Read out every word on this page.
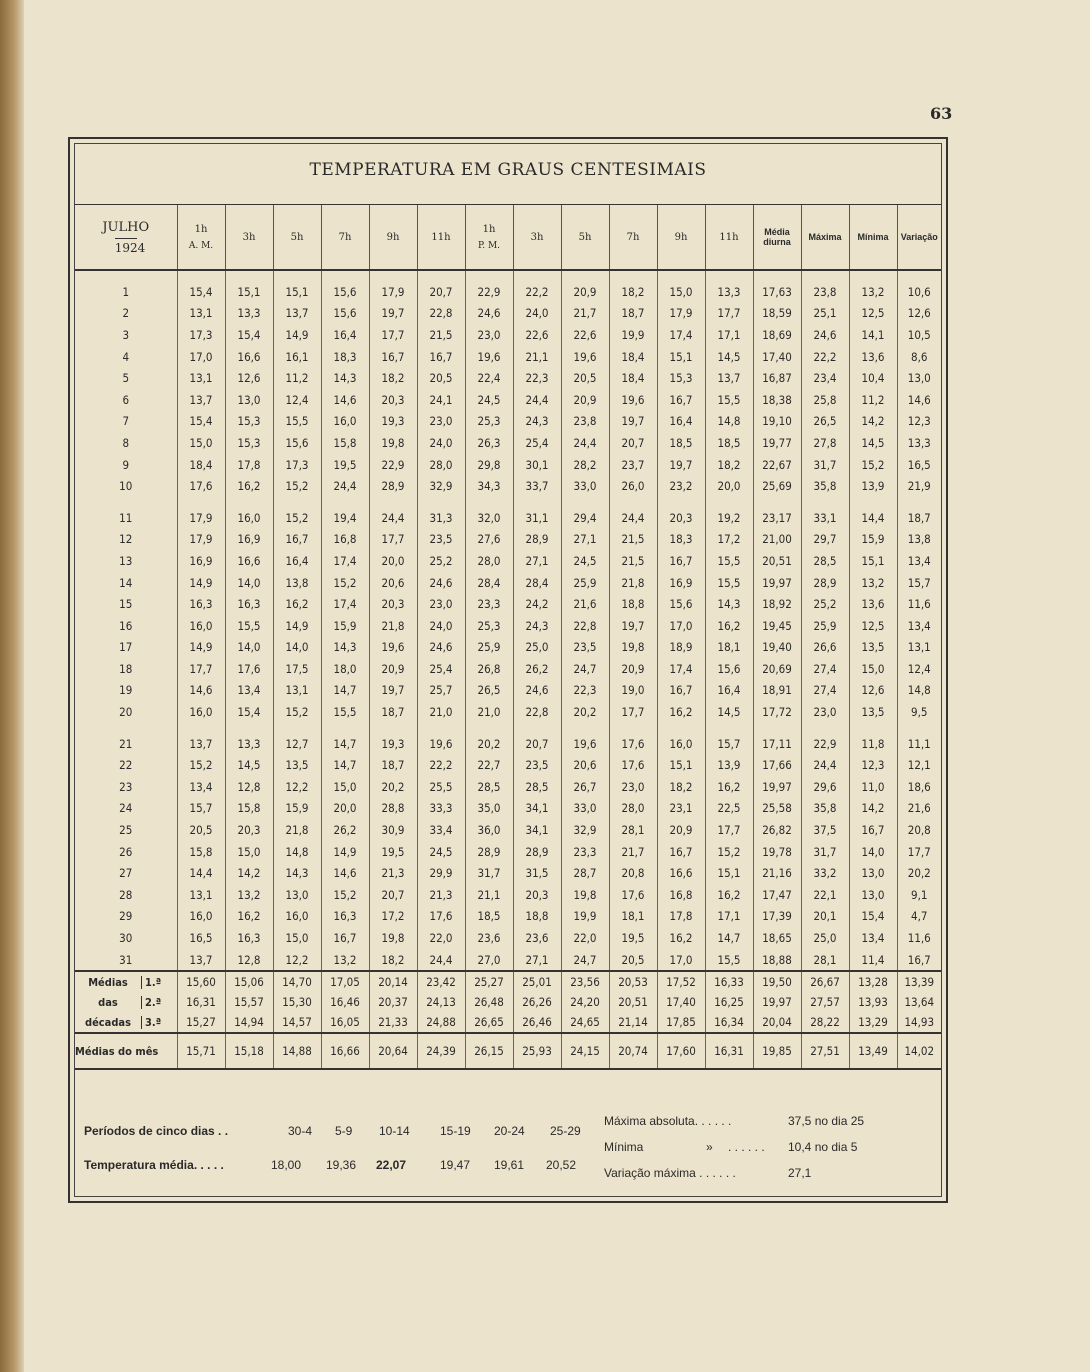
63
TEMPERATURA EM GRAUS CENTESIMAIS
JULHO
1924	1h
A. M.	3h	5h	7h	9h	11h	1h
P. M.	3h	5h	7h	9h	11h	Média diurna	Máxima	Mínima	Variação

1	15,4	15,1	15,1	15,6	17,9	20,7	22,9	22,2	20,9	18,2	15,0	13,3	17,63	23,8	13,2	10,6
2	13,1	13,3	13,7	15,6	19,7	22,8	24,6	24,0	21,7	18,7	17,9	17,7	18,59	25,1	12,5	12,6
3	17,3	15,4	14,9	16,4	17,7	21,5	23,0	22,6	22,6	19,9	17,4	17,1	18,69	24,6	14,1	10,5
4	17,0	16,6	16,1	18,3	16,7	16,7	19,6	21,1	19,6	18,4	15,1	14,5	17,40	22,2	13,6	8,6
5	13,1	12,6	11,2	14,3	18,2	20,5	22,4	22,3	20,5	18,4	15,3	13,7	16,87	23,4	10,4	13,0
6	13,7	13,0	12,4	14,6	20,3	24,1	24,5	24,4	20,9	19,6	16,7	15,5	18,38	25,8	11,2	14,6
7	15,4	15,3	15,5	16,0	19,3	23,0	25,3	24,3	23,8	19,7	16,4	14,8	19,10	26,5	14,2	12,3
8	15,0	15,3	15,6	15,8	19,8	24,0	26,3	25,4	24,4	20,7	18,5	18,5	19,77	27,8	14,5	13,3
9	18,4	17,8	17,3	19,5	22,9	28,0	29,8	30,1	28,2	23,7	19,7	18,2	22,67	31,7	15,2	16,5
10	17,6	16,2	15,2	24,4	28,9	32,9	34,3	33,7	33,0	26,0	23,2	20,0	25,69	35,8	13,9	21,9

11	17,9	16,0	15,2	19,4	24,4	31,3	32,0	31,1	29,4	24,4	20,3	19,2	23,17	33,1	14,4	18,7
12	17,9	16,9	16,7	16,8	17,7	23,5	27,6	28,9	27,1	21,5	18,3	17,2	21,00	29,7	15,9	13,8
13	16,9	16,6	16,4	17,4	20,0	25,2	28,0	27,1	24,5	21,5	16,7	15,5	20,51	28,5	15,1	13,4
14	14,9	14,0	13,8	15,2	20,6	24,6	28,4	28,4	25,9	21,8	16,9	15,5	19,97	28,9	13,2	15,7
15	16,3	16,3	16,2	17,4	20,3	23,0	23,3	24,2	21,6	18,8	15,6	14,3	18,92	25,2	13,6	11,6
16	16,0	15,5	14,9	15,9	21,8	24,0	25,3	24,3	22,8	19,7	17,0	16,2	19,45	25,9	12,5	13,4
17	14,9	14,0	14,0	14,3	19,6	24,6	25,9	25,0	23,5	19,8	18,9	18,1	19,40	26,6	13,5	13,1
18	17,7	17,6	17,5	18,0	20,9	25,4	26,8	26,2	24,7	20,9	17,4	15,6	20,69	27,4	15,0	12,4
19	14,6	13,4	13,1	14,7	19,7	25,7	26,5	24,6	22,3	19,0	16,7	16,4	18,91	27,4	12,6	14,8
20	16,0	15,4	15,2	15,5	18,7	21,0	21,0	22,8	20,2	17,7	16,2	14,5	17,72	23,0	13,5	9,5

21	13,7	13,3	12,7	14,7	19,3	19,6	20,2	20,7	19,6	17,6	16,0	15,7	17,11	22,9	11,8	11,1
22	15,2	14,5	13,5	14,7	18,7	22,2	22,7	23,5	20,6	17,6	15,1	13,9	17,66	24,4	12,3	12,1
23	13,4	12,8	12,2	15,0	20,2	25,5	28,5	28,5	26,7	23,0	18,2	16,2	19,97	29,6	11,0	18,6
24	15,7	15,8	15,9	20,0	28,8	33,3	35,0	34,1	33,0	28,0	23,1	22,5	25,58	35,8	14,2	21,6
25	20,5	20,3	21,8	26,2	30,9	33,4	36,0	34,1	32,9	28,1	20,9	17,7	26,82	37,5	16,7	20,8
26	15,8	15,0	14,8	14,9	19,5	24,5	28,9	28,9	23,3	21,7	16,7	15,2	19,78	31,7	14,0	17,7
27	14,4	14,2	14,3	14,6	21,3	29,9	31,7	31,5	28,7	20,8	16,6	15,1	21,16	33,2	13,0	20,2
28	13,1	13,2	13,0	15,2	20,7	21,3	21,1	20,3	19,8	17,6	16,8	16,2	17,47	22,1	13,0	9,1
29	16,0	16,2	16,0	16,3	17,2	17,6	18,5	18,8	19,9	18,1	17,8	17,1	17,39	20,1	15,4	4,7
30	16,5	16,3	15,0	16,7	19,8	22,0	23,6	23,6	22,0	19,5	16,2	14,7	18,65	25,0	13,4	11,6
31	13,7	12,8	12,2	13,2	18,2	24,4	27,0	27,1	24,7	20,5	17,0	15,5	18,88	28,1	11,4	16,7
Médias 1.ª	15,60	15,06	14,70	17,05	20,14	23,42	25,27	25,01	23,56	20,53	17,52	16,33	19,50	26,67	13,28	13,39
das 2.ª	16,31	15,57	15,30	16,46	20,37	24,13	26,48	26,26	24,20	20,51	17,40	16,25	19,97	27,57	13,93	13,64
décadas 3.ª	15,27	14,94	14,57	16,05	21,33	24,88	26,65	26,46	24,65	21,14	17,85	16,34	20,04	28,22	13,29	14,93
Médias do mês	15,71	15,18	14,88	16,66	20,64	24,39	26,15	25,93	24,15	20,74	17,60	16,31	19,85	27,51	13,49	14,02
Períodos de cinco dias . .	30-4 5-9 10-14	15-19 20-24 25-29
Temperatura média. . . . .	18,00 19,36 22,07	19,47 19,61 20,52
Máxima absoluta. . . . . .	37,5 no dia 25
Mínima	» . . . . . . 10,4 no dia 5
Variação máxima . . . . . .	27,1
